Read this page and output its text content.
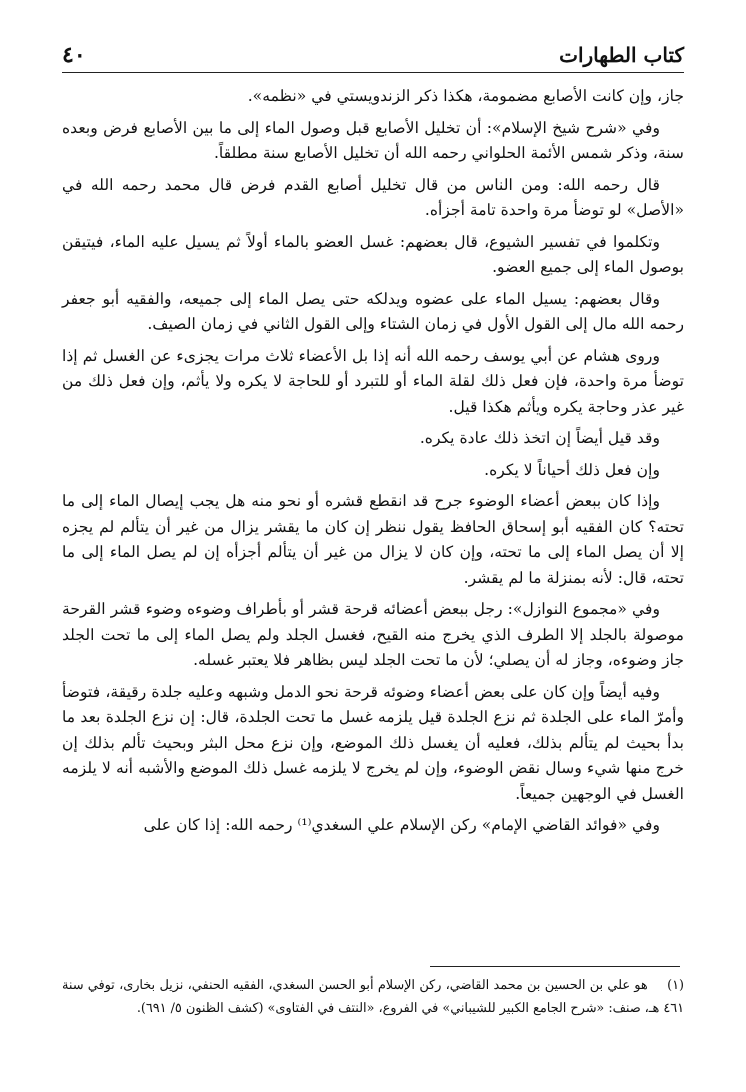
كتاب الطهارات
٤٠

جاز، وإن كانت الأصابع مضمومة، هكذا ذكر الزندويستي في «نظمه».

وفي «شرح شيخ الإسلام»: أن تخليل الأصابع قبل وصول الماء إلى ما بين الأصابع فرض وبعده سنة، وذكر شمس الأئمة الحلواني رحمه الله أن تخليل الأصابع سنة مطلقاً.

قال رحمه الله: ومن الناس من قال تخليل أصابع القدم فرض قال محمد رحمه الله في «الأصل» لو توضأ مرة واحدة تامة أجزأه.

وتكلموا في تفسير الشيوع، قال بعضهم: غسل العضو بالماء أولاً ثم يسيل عليه الماء، فيتيقن بوصول الماء إلى جميع العضو.

وقال بعضهم: يسيل الماء على عضوه ويدلكه حتى يصل الماء إلى جميعه، والفقيه أبو جعفر رحمه الله مال إلى القول الأول في زمان الشتاء وإلى القول الثاني في زمان الصيف.

وروى هشام عن أبي يوسف رحمه الله أنه إذا بل الأعضاء ثلاث مرات يجزىء عن الغسل ثم إذا توضأ مرة واحدة، فإن فعل ذلك لقلة الماء أو للتبرد أو للحاجة لا يكره ولا يأثم، وإن فعل ذلك من غير عذر وحاجة يكره ويأثم هكذا قيل.

وقد قيل أيضاً إن اتخذ ذلك عادة يكره.

وإن فعل ذلك أحياناً لا يكره.

وإذا كان ببعض أعضاء الوضوء جرح قد انقطع قشره أو نحو منه هل يجب إيصال الماء إلى ما تحته؟ كان الفقيه أبو إسحاق الحافظ يقول ننظر إن كان ما يقشر يزال من غير أن يتألم لم يجزه إلا أن يصل الماء إلى ما تحته، وإن كان لا يزال من غير أن يتألم أجزأه إن لم يصل الماء إلى ما تحته، قال: لأنه بمنزلة ما لم يقشر.

وفي «مجموع النوازل»: رجل ببعض أعضائه قرحة قشر أو بأطراف وضوءه وضوء قشر القرحة موصولة بالجلد إلا الطرف الذي يخرج منه القيح، فغسل الجلد ولم يصل الماء إلى ما تحت الجلد جاز وضوءه، وجاز له أن يصلي؛ لأن ما تحت الجلد ليس بظاهر فلا يعتبر غسله.

وفيه أيضاً وإن كان على بعض أعضاء وضوئه قرحة نحو الدمل وشبهه وعليه جلدة رقيقة، فتوضأ وأمرّ الماء على الجلدة ثم نزع الجلدة قيل يلزمه غسل ما تحت الجلدة، قال: إن نزع الجلدة بعد ما بدأ بحيث لم يتألم بذلك، فعليه أن يغسل ذلك الموضع، وإن نزع محل البثر وبحيث تألم بذلك إن خرج منها شيء وسال نقض الوضوء، وإن لم يخرج لا يلزمه غسل ذلك الموضع والأشبه أنه لا يلزمه الغسل في الوجهين جميعاً.

وفي «فوائد القاضي الإمام» ركن الإسلام علي السغدي⁽¹⁾ رحمه الله: إذا كان على

(١) هو علي بن الحسين بن محمد القاضي، ركن الإسلام أبو الحسن السغدي، الفقيه الحنفي، نزيل بخارى، توفي سنة ٤٦١ هـ، صنف: «شرح الجامع الكبير للشيباني» في الفروع، «النتف في الفتاوى» (كشف الظنون ٥/ ٦٩١).
